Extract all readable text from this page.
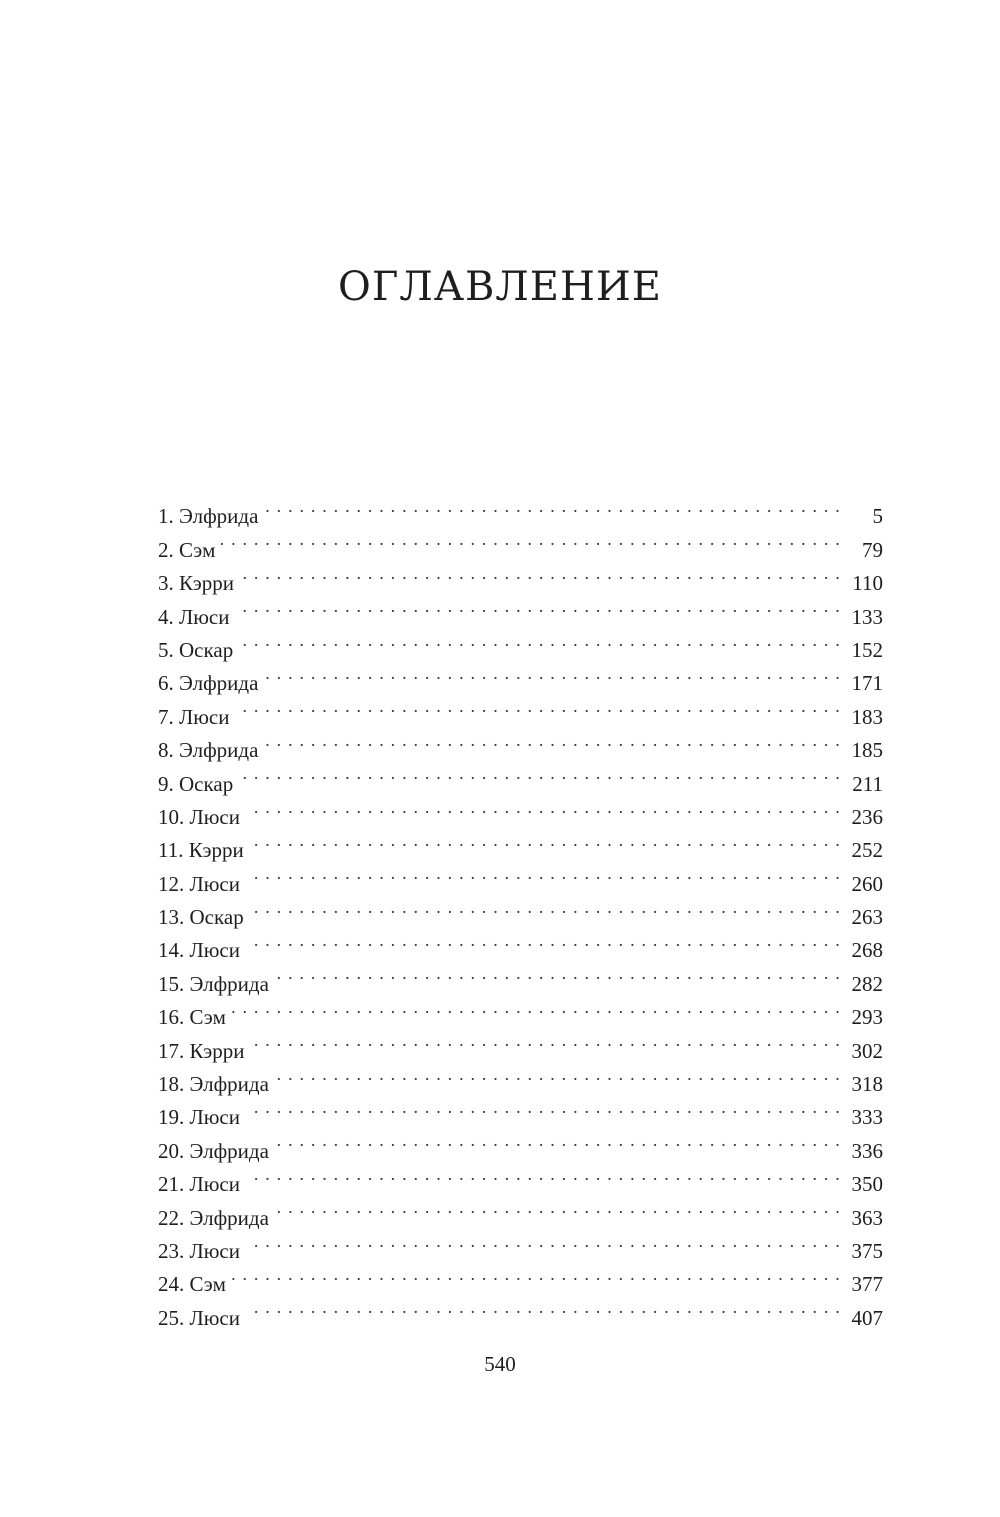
ОГЛАВЛЕНИЕ
1. Элфрида . . .	5
2. Сэм . . .	79
3. Кэрри . . .	110
4. Люси . . .	133
5. Оскар . . .	152
6. Элфрида . . .	171
7. Люси . . .	183
8. Элфрида . . .	185
9. Оскар . . .	211
10. Люси . . .	236
11. Кэрри . . .	252
12. Люси . . .	260
13. Оскар . . .	263
14. Люси . . .	268
15. Элфрида . . .	282
16. Сэм . . .	293
17. Кэрри . . .	302
18. Элфрида . . .	318
19. Люси . . .	333
20. Элфрида . . .	336
21. Люси . . .	350
22. Элфрида . . .	363
23. Люси . . .	375
24. Сэм . . .	377
25. Люси . . .	407
540
